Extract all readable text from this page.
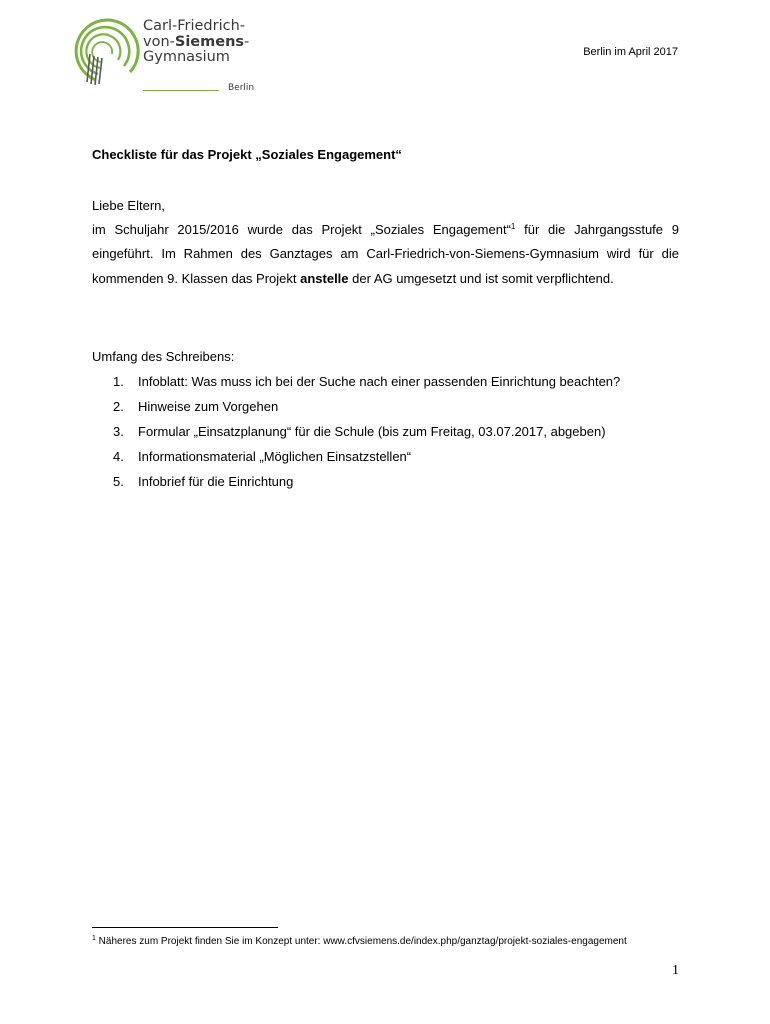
Carl-Friedrich-
von-Siemens-
Gymnasium
Berlin
Berlin im April 2017
Checkliste für das Projekt „Soziales Engagement“
Liebe Eltern,
im Schuljahr 2015/2016 wurde das Projekt „Soziales Engagement“$^1$ für die Jahrgangsstufe 9 eingeführt. Im Rahmen des Ganztages am Carl-Friedrich-von-Siemens-Gymnasium wird für die kommenden 9. Klassen das Projekt anstelle der AG umgesetzt und ist somit verpflichtend.
Umfang des Schreibens:
1. Infoblatt: Was muss ich bei der Suche nach einer passenden Einrichtung beachten?
2. Hinweise zum Vorgehen
3. Formular „Einsatzplanung“ für die Schule (bis zum Freitag, 03.07.2017, abgeben)
4. Informationsmaterial „Möglichen Einsatzstellen“
5. Infobrief für die Einrichtung
$^1$ Näheres zum Projekt finden Sie im Konzept unter: www.cfvsiemens.de/index.php/ganztag/projekt-soziales-engagement
1
